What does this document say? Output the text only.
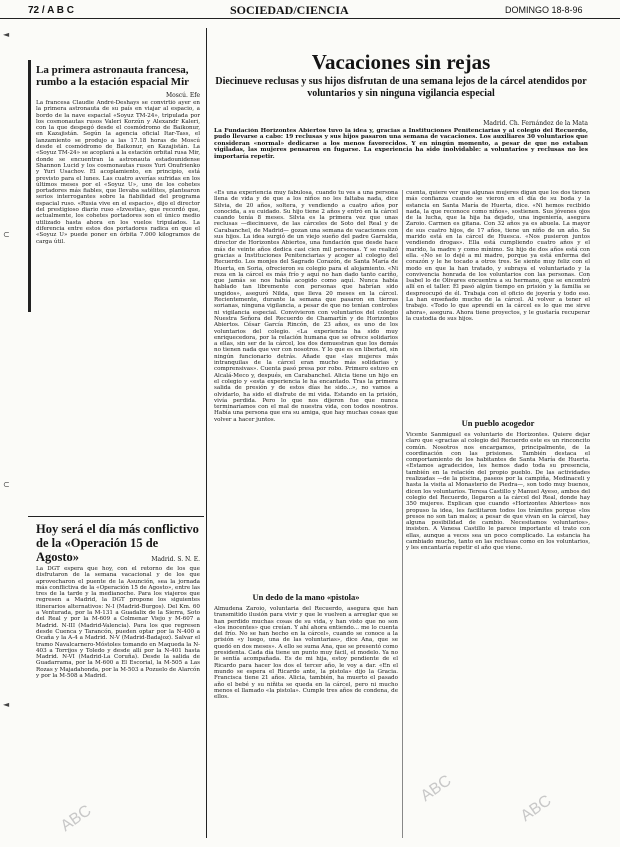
72 / A B C	SOCIEDAD/CIENCIA	DOMINGO 18-8-96
◄
⊂
⊂
◄
La primera astronauta francesa, rumbo a la estación espacial Mir
Moscú. Efe
La francesa Claudie André-Deshays se convirtió ayer en la primera astronauta de su país en viajar al espacio, a bordo de la nave espacial «Soyuz TM-24», tripulada por los cosmonautas rusos Valeri Korzún y Alexandr Kaleri, con la que despegó desde el cosmódromo de Baikonur, en Kazajistán. Según la agencia oficial Itar-Tass, el lanzamiento se produjo a las 17.18 horas de Moscú desde el cosmódromo de Baikonur, en Kazajistán. La «Soyuz TM-24» se acoplará a la estación orbital rusa Mir, donde se encuentran la astronauta estadounidense Shannon Lucid y los cosmonautas rusos Yuri Onufrienko y Yuri Usachov. El acoplamiento, en principio, está previsto para el lunes. Las cuatro averías sufridas en los últimos meses por el «Soyuz U», uno de los cohetes portadores más fiables, que llevaba satélites, plantearon serios interrogantes sobre la fiabilidad del programa espacial ruso. «Rusia vive en el espacio», dijo el director del prestigioso diario ruso «Izvestia», que recordó que, actualmente, los cohetes portadores son el único medio utilizado hasta ahora en los vuelos tripulados. La diferencia entre estos dos portadores radica en que el «Soyuz U» puede poner en órbita 7.000 kilogramos de carga útil.
Hoy será el día más conflictivo de la «Operación 15 de Agosto»	Madrid. S. N. E.
La DGT espera que hoy, con el retorno de los que disfrutaron de la semana vacacional y de los que aprovecharon el puente de la Asunción, sea la jornada más conflictiva de la «Operación 15 de Agosto», entre las tres de la tarde y la medianoche. Para los viajeros que regresen a Madrid, la DGT propone los siguientes itinerarios alternativos: N-I (Madrid-Burgos). Del Km. 60 a Venturada, por la M-131 a Guadalix de la Sierra, Soto del Real y por la M-609 a Colmenar Viejo y M-607 a Madrid. N-III (Madrid-Valencia). Para los que regresen desde Cuenca y Tarancón, pueden optar por la N-400 a Ocaña y la A-4 a Madrid. N-V (Madrid-Badajoz). Salvar el tramo Navalcarnero-Móstoles tomando en Maqueda la N-403 a Torrijos y Toledo y desde allí por la N-401 hasta Madrid. N-VI (Madrid-La Coruña). Desde la salida de Guadarrama, por la M-600 a El Escorial, la M-505 a Las Rozas y Majadahonda, por la M-503 a Pozuelo de Alarcón y por la M-508 a Madrid.
Vacaciones sin rejas
Diecinueve reclusas y sus hijos disfrutan de una semana lejos de la cárcel atendidos por voluntarios y sin ninguna vigilancia especial
Madrid. Ch. Fernández de la Mata
La Fundación Horizontes Abiertos tuvo la idea y, gracias a Instituciones Penitenciarias y al colegio del Recuerdo, pudo llevarse a cabo: 19 reclusas y sus hijos pasaron una semana de vacaciones. Los auxiliares 30 voluntarios que consideran «normal» dedicarse a los menos favorecidos. Y en ningún momento, a pesar de que no estaban vigiladas, las mujeres pensaron en fugarse. La experiencia ha sido inolvidable: a voluntarios y reclusas no les importaría repetir.
«Es una experiencia muy fabulosa, cuando tu ves a una persona llena de vida y de que a los niños no les faltaba nada, dice Silvia, de 20 años, soltera, y vendiendo a cuatro años por conocida, a su cuidado. Su hijo tiene 2 años y entró en la cárcel cuando tenía 8 meses. Silvia es la primera vez que unas reclusas —diecinueve, de las cárceles de Soto del Real y de Carabanchel, de Madrid— gozan una semana de vacaciones con sus hijos. La idea surgió de un viejo sueño del padre Garralda, director de Horizontes Abiertos, una fundación que desde hace más de veinte años dedica casi cien mil personas. Y se realizó gracias a Instituciones Penitenciarias y acoger al colegio del Recuerdo. Los monjes del Sagrado Corazón, de Santa María de Huerta, en Soria, ofrecieron su colegio para el alojamiento. «Ni reza en la cárcel es más frío y aquí no han dado tanto cariño, que jamás se nos había acogido como aquí. Nunca había hablado tan libremente con personas que habrían sido ungidos», aseguró Nilda, que lleva 20 meses en la cárcel. Recientemente, durante la semana que pasaron en tierras sorianas, ninguna vigilancia, a pesar de que no tenían controles ni vigilancia especial. Convivieron con voluntarios del colegio Nuestra Señora del Recuerdo de Chamartín y de Horizontes Abiertos. César García Rincón, de 23 años, es uno de los voluntarios del colegio. «La experiencia ha sido muy enriquecedora, por la relación humana que se ofrece solidarios a ellas, sin ser de la cárcel, los dos demuestran que los demás no tienen nada que ver con nosotros. Y lo que es en libertad, sin ningún funcionario detrás. Añade que «las mujeres más intranquilas de la cárcel eran mucho más solidarias y comprensivas». Cuenta pasó presa por robo. Primero estuvo en Alcalá-Meco y, después, en Carabanchel. Alicia tiene un hijo en el colegio y «esta experiencia le ha encantado. Tras la primera salida de presión y de estos días he sido...», no vamos a olvidarlo, ha sido el disfrute de mi vida. Estando en la prisión, vivía perdida. Pero lo que nos dijeron fue que nunca terminaríamos con el mal de nuestra vida, con todos nosotros. Había una persona que era su amiga, que hay muchas cosas que volver a hacer juntos.
Un dedo de la mano «pistola»
Almudena Zaroio, voluntaria del Recuerdo, asegura que han transmitido ilusión para vivir y que le vuelven a arreglar que se han perdido muchas cosas de su vida, y han visto que no son «los inocentes» que creían. Y ahí ahora entiendo... me lo cuenta del frío. No se han hecho en la cárcel», cuando se conoce a la prisión «y luego, una de las voluntarias», dice Ana, que se quedó en dos meses». A ello se suma Ana, que se presentó como presidenta. Cada día tiene un punto muy fácil, el modelo. Ya no le sentía acompañada. Es de mi hija, estoy pendiente de el Ricardo para hacer los dos el tercer año, le voy a dar. «En el mundo se espera el Ricardo ante, la pistola» dijo la Gracia. Francisca tiene 21 años. Alicia, también, ha muerto el pasado año el bebé y su niñita se queda en la cárcel, pero ni mucho menos el llamado «la pistola». Cumple tres años de condena, de ellos.
cuenta, quiere ver que algunas mujeres digan que los dos tienen más confianza cuando se vieron en el día de su boda y la estancia en Santa María de Huerta, dice. «Ni hemos recibido nada, la que reconoce como niños», sostienen. Sus jóvenes ojos de la lucha, que la hija ha dejado, una ingeniería, asegura Zaroio. Carmen es gitana. Con 32 años ya es abuela. La mayor de sus cuatro hijos, de 17 años, tiene un niño de un año. Su marido está en la cárcel de Huesca. «Nos pusieron juntos vendiendo drogas». Ella está cumpliendo cuatro años y el marido, la madre y como mínimo. Su hijo de dos años está con ella. «No se lo dejé a mi madre, porque ya está enferma del corazón y le he tocado a otros tres. Se siente muy feliz con el modo en que la han tratado, y subraya el voluntariado y la convivencia honrada de los voluntarios con las personas. Con Isabel lo de Olivares encuentra a su hermano, que se encontró allí en el taller. Él pasó algún tiempo en prisión y la familia se despreocupó de él. Trabaja con el oficio de joyería y todo eso. La han enseñado mucho de la cárcel. Al volver a tener el trabajo. «Todo lo que aprendí en la cárcel es lo que me sirve ahora», asegura. Ahora tiene proyectos, y le gustaría recuperar la custodia de sus hijos.
Un pueblo acogedor
Vicente Sanmiguel es voluntario de Horizontes. Quiere dejar claro que «gracias al colegio del Recuerdo este es un rinconcito común. Nosotros nos encargamos, principalmente, de la coordinación con las prisiones. También destaca el comportamiento de los habitantes de Santa María de Huerta. «Estamos agradecidos, les hemos dado toda su presencia, también en la relación del propio pueblo. De las actividades realizadas —de la piscina, paseos por la campiña, Medinaceli y hasta la visita al Monasterio de Piedra—, son todo muy buenos, dicen los voluntarios. Teresa Castillo y Manuel Ayeso, ambos del colegio del Recuerdo, llegaron a la cárcel del Real, donde hay 350 mujeres. Explican que cuando «Horizontes Abiertos» nos propuso la idea, les facilitaron todos los trámites porque «los presos no son tan malos; a pesar de que vivan en la cárcel, hay alguna posibilidad de cambio. Necesitamos voluntarios», insisten. A Vanesa Castillo le parece importante el trato con ellas, aunque a veces sea un poco complicado. La estancia ha cambiado mucho, tanto en las reclusas como en los voluntarios, y les encantaría repetir el año que viene.
ABC
ABC
ABC
